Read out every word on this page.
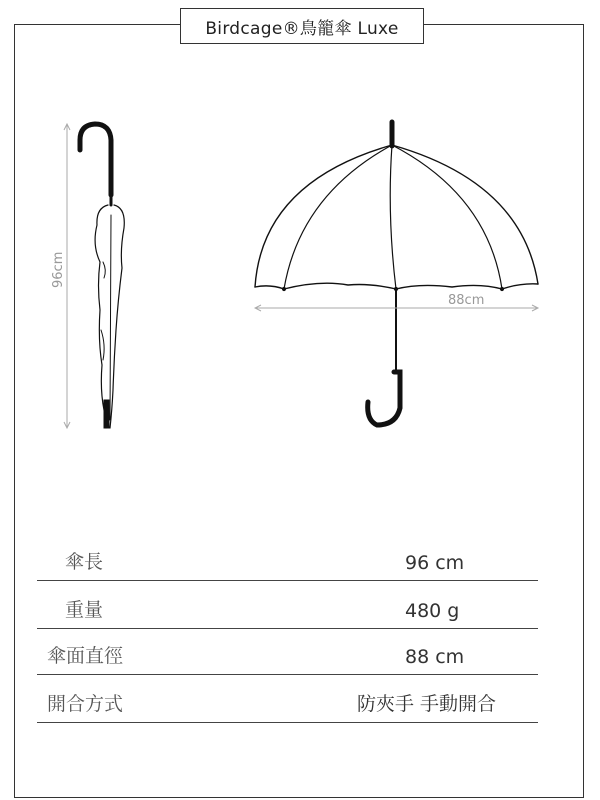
Birdcage®鳥籠傘 Luxe
96cm
88cm
傘長	96 cm
重量	480 g
傘面直徑	88 cm
開合方式	防夾手 手動開合
